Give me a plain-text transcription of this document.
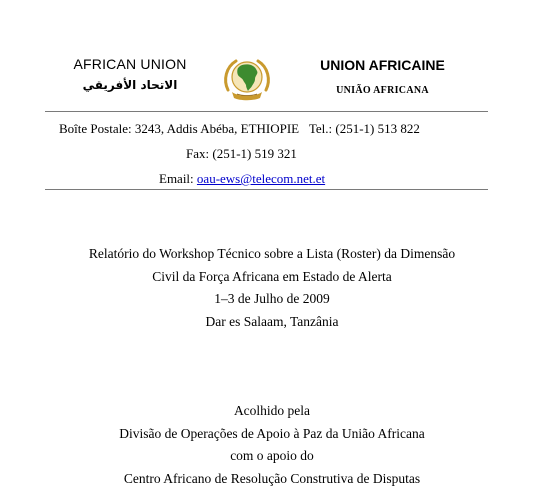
AFRICAN UNION
الاتحاد الأفريقي
UNION AFRICAINE
UNIÃO AFRICANA
Boîte Postale: 3243, Addis Abéba, ETHIOPIE Tel.: (251-1) 513 822
Fax: (251-1) 519 321
Email: oau-ews@telecom.net.et
Relatório do Workshop Técnico sobre a Lista (Roster) da Dimensão
Civil da Força Africana em Estado de Alerta
1–3 de Julho de 2009
Dar es Salaam, Tanzânia
Acolhido pela
Divisão de Operações de Apoio à Paz da União Africana
com o apoio do
Centro Africano de Resolução Construtiva de Disputas
